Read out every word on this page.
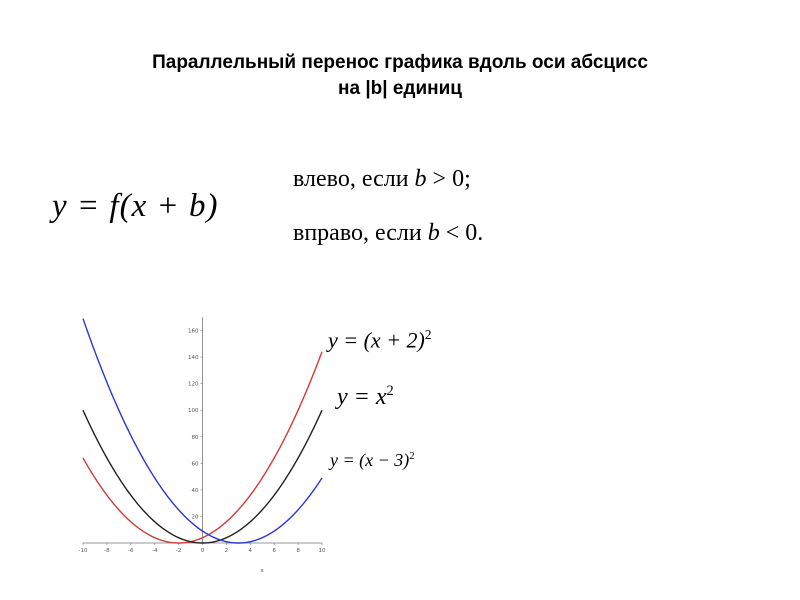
Параллельный перенос графика вдоль оси абсцисс
на |b| единиц
y = f(x + b)
влево, если b > 0;
вправо, если b < 0.
$y = (x + 2)^2$
$y = x^2$
$y = (x - 3)^2$
-10	-8	-6	-4	-2	0	2	4	6	8	10
20
40
60
80
100
120
140
160
x
